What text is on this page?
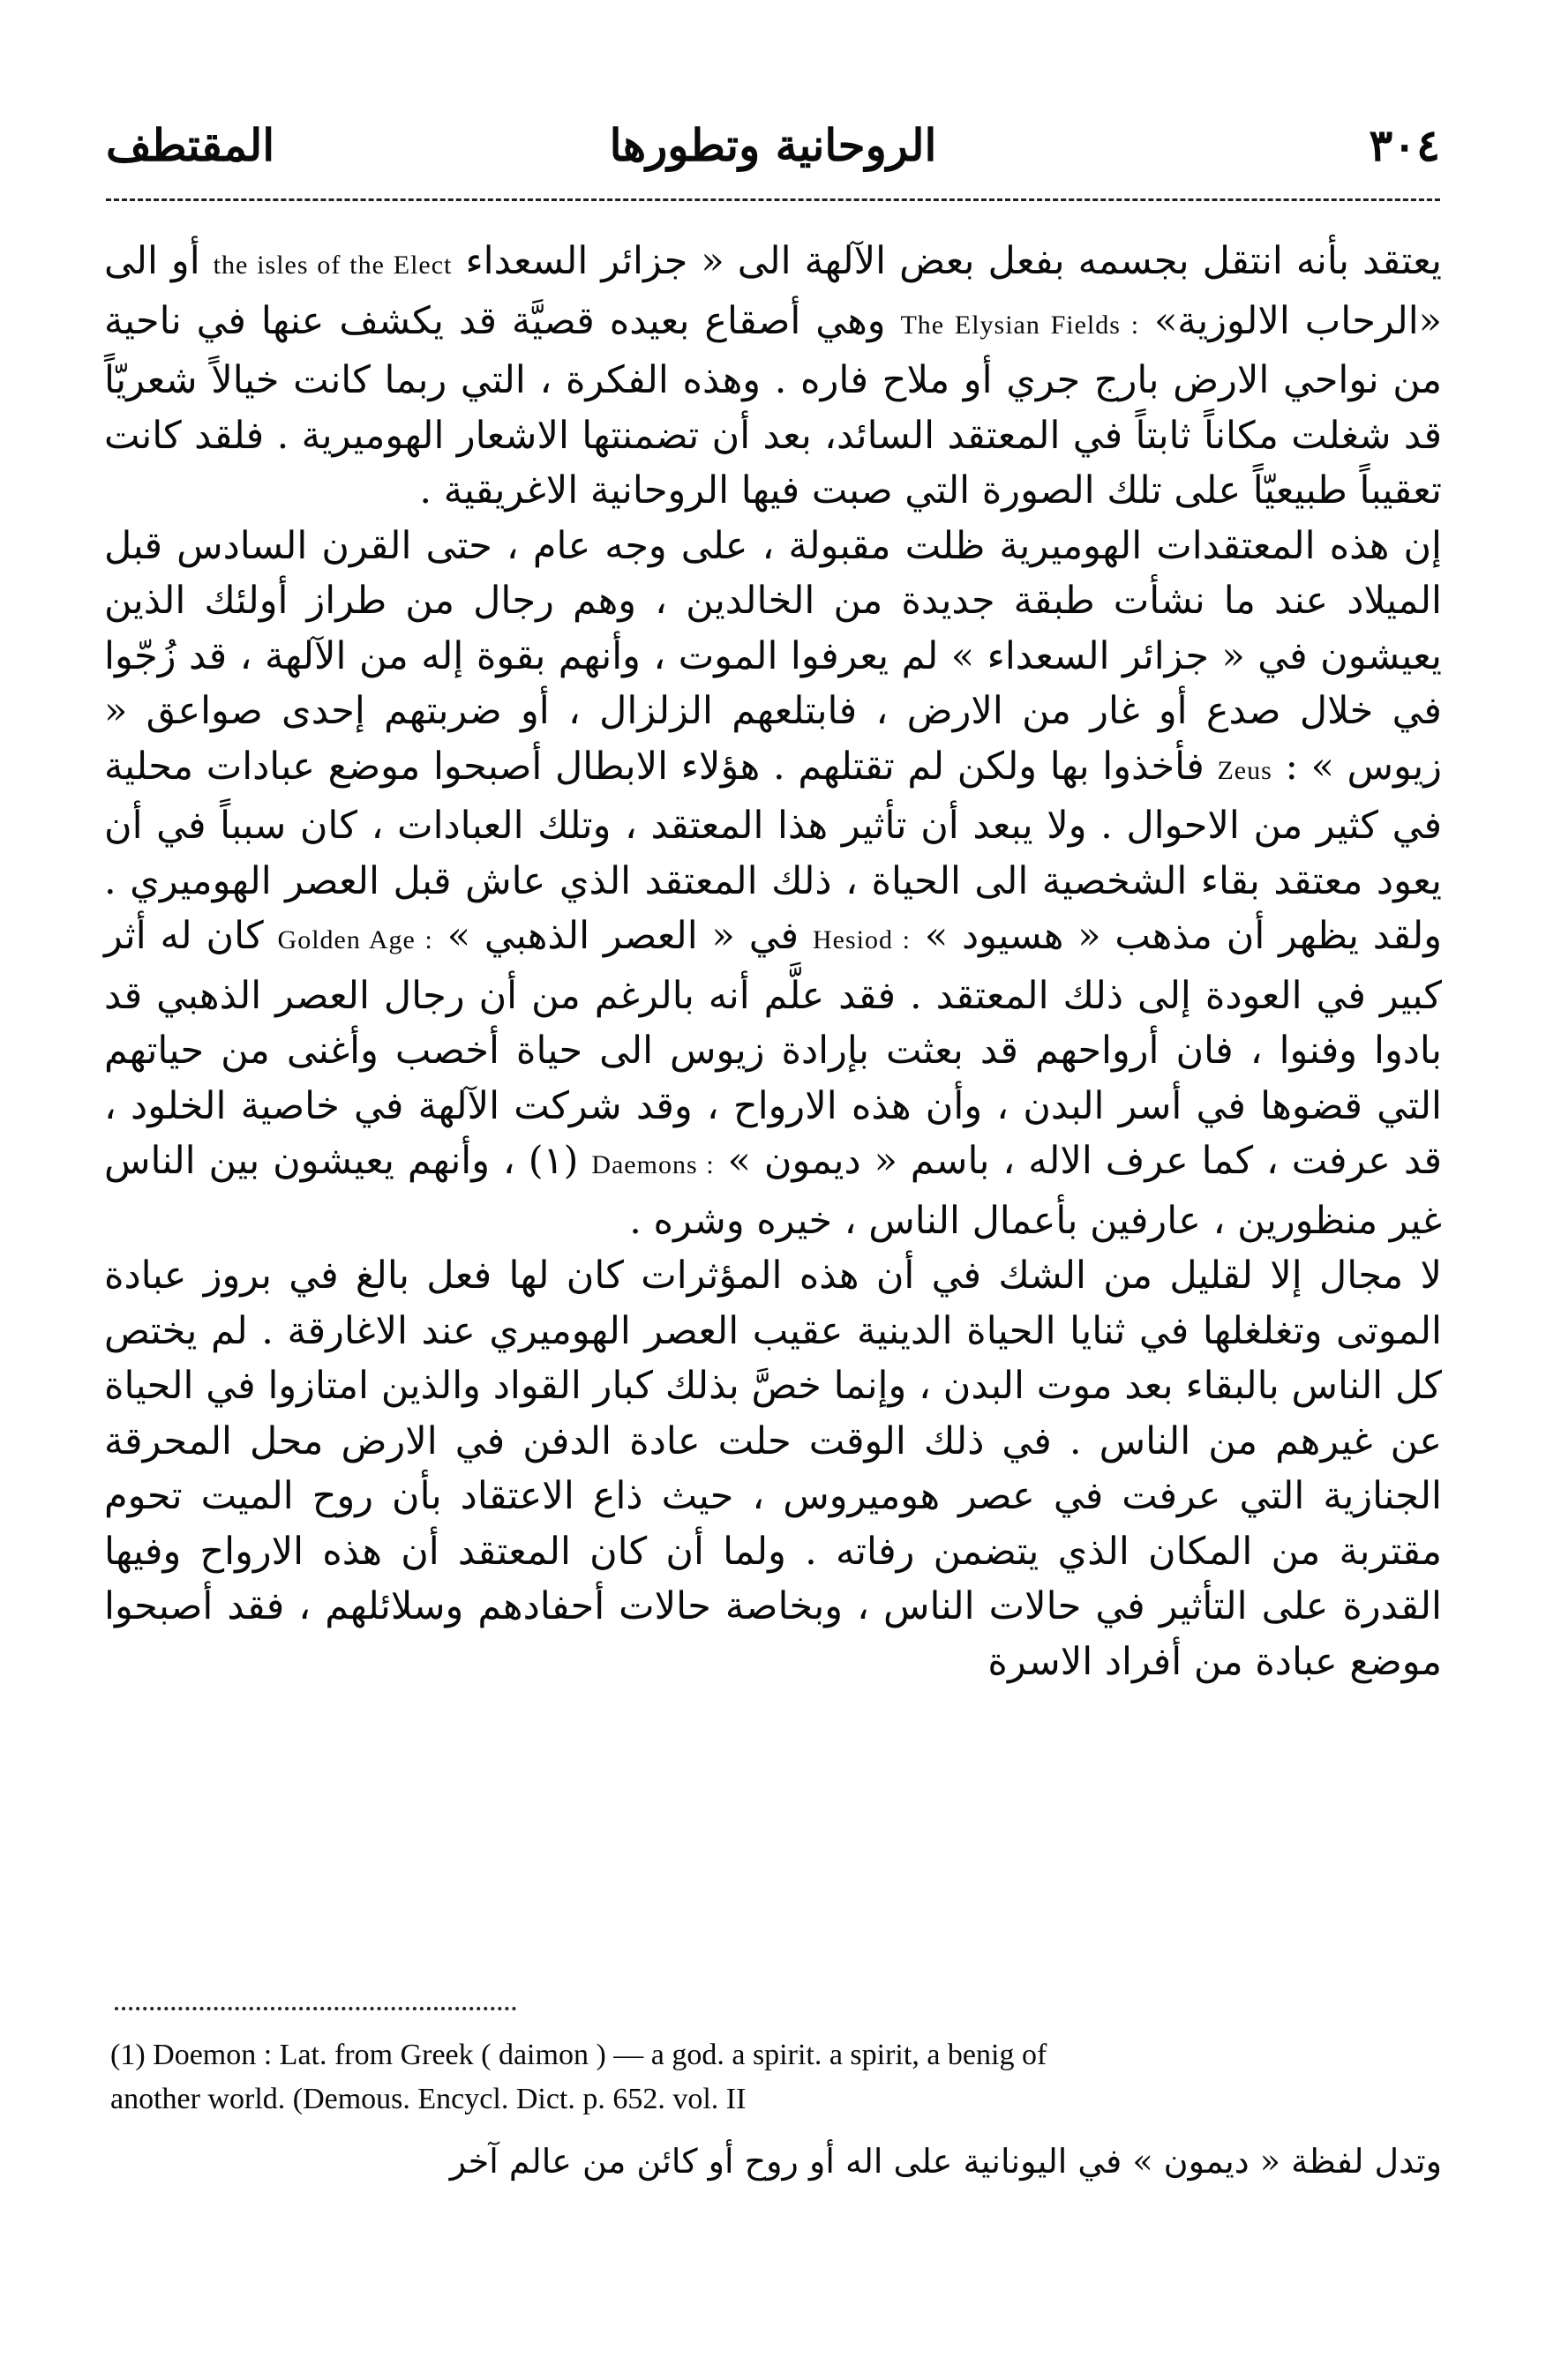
٣٠٤
الروحانية وتطورها
المقتطف

يعتقد بأنه انتقل بجسمه بفعل بعض الآلهة الى « جزائر السعداء the isles of the Elect أو الى «الرحاب الالوزية» The Elysian Fields : وهي أصقاع بعيده قصيَّة قد يكشف عنها في ناحية من نواحي الارض بارج جري أو ملاح فاره . وهذه الفكرة ، التي ربما كانت خيالاً شعريّاً قد شغلت مكاناً ثابتاً في المعتقد السائد، بعد أن تضمنتها الاشعار الهوميرية . فلقد كانت تعقيباً طبيعيّاً على تلك الصورة التي صبت فيها الروحانية الاغريقية .

إن هذه المعتقدات الهوميرية ظلت مقبولة ، على وجه عام ، حتى القرن السادس قبل الميلاد عند ما نشأت طبقة جديدة من الخالدين ، وهم رجال من طراز أولئك الذين يعيشون في « جزائر السعداء » لم يعرفوا الموت ، وأنهم بقوة إله من الآلهة ، قد زُجّوا في خلال صدع أو غار من الارض ، فابتلعهم الزلزال ، أو ضربتهم إحدى صواعق « زيوس » : Zeus فأخذوا بها ولكن لم تقتلهم . هؤلاء الابطال أصبحوا موضع عبادات محلية في كثير من الاحوال . ولا يبعد أن تأثير هذا المعتقد ، وتلك العبادات ، كان سبباً في أن يعود معتقد بقاء الشخصية الى الحياة ، ذلك المعتقد الذي عاش قبل العصر الهوميري . ولقد يظهر أن مذهب « هسيود » Hesiod : في « العصر الذهبي » Golden Age : كان له أثر كبير في العودة إلى ذلك المعتقد . فقد علَّم أنه بالرغم من أن رجال العصر الذهبي قد بادوا وفنوا ، فان أرواحهم قد بعثت بإرادة زيوس الى حياة أخصب وأغنى من حياتهم التي قضوها في أسر البدن ، وأن هذه الارواح ، وقد شركت الآلهة في خاصية الخلود ، قد عرفت ، كما عرف الاله ، باسم « ديمون » Daemons : (١) ، وأنهم يعيشون بين الناس غير منظورين ، عارفين بأعمال الناس ، خيره وشره .

لا مجال إلا لقليل من الشك في أن هذه المؤثرات كان لها فعل بالغ في بروز عبادة الموتى وتغلغلها في ثنايا الحياة الدينية عقيب العصر الهوميري عند الاغارقة . لم يختص كل الناس بالبقاء بعد موت البدن ، وإنما خصَّ بذلك كبار القواد والذين امتازوا في الحياة عن غيرهم من الناس . في ذلك الوقت حلت عادة الدفن في الارض محل المحرقة الجنازية التي عرفت في عصر هوميروس ، حيث ذاع الاعتقاد بأن روح الميت تحوم مقتربة من المكان الذي يتضمن رفاته . ولما أن كان المعتقد أن هذه الارواح وفيها القدرة على التأثير في حالات الناس ، وبخاصة حالات أحفادهم وسلائلهم ، فقد أصبحوا موضع عبادة من أفراد الاسرة

(1) Doemon : Lat. from Greek ( daimon ) — a god. a spirit. a spirit, a benig of

another world. (Demous. Encycl. Dict. p. 652. vol. II

وتدل لفظة « ديمون » في اليونانية على اله أو روح أو كائن من عالم آخر
